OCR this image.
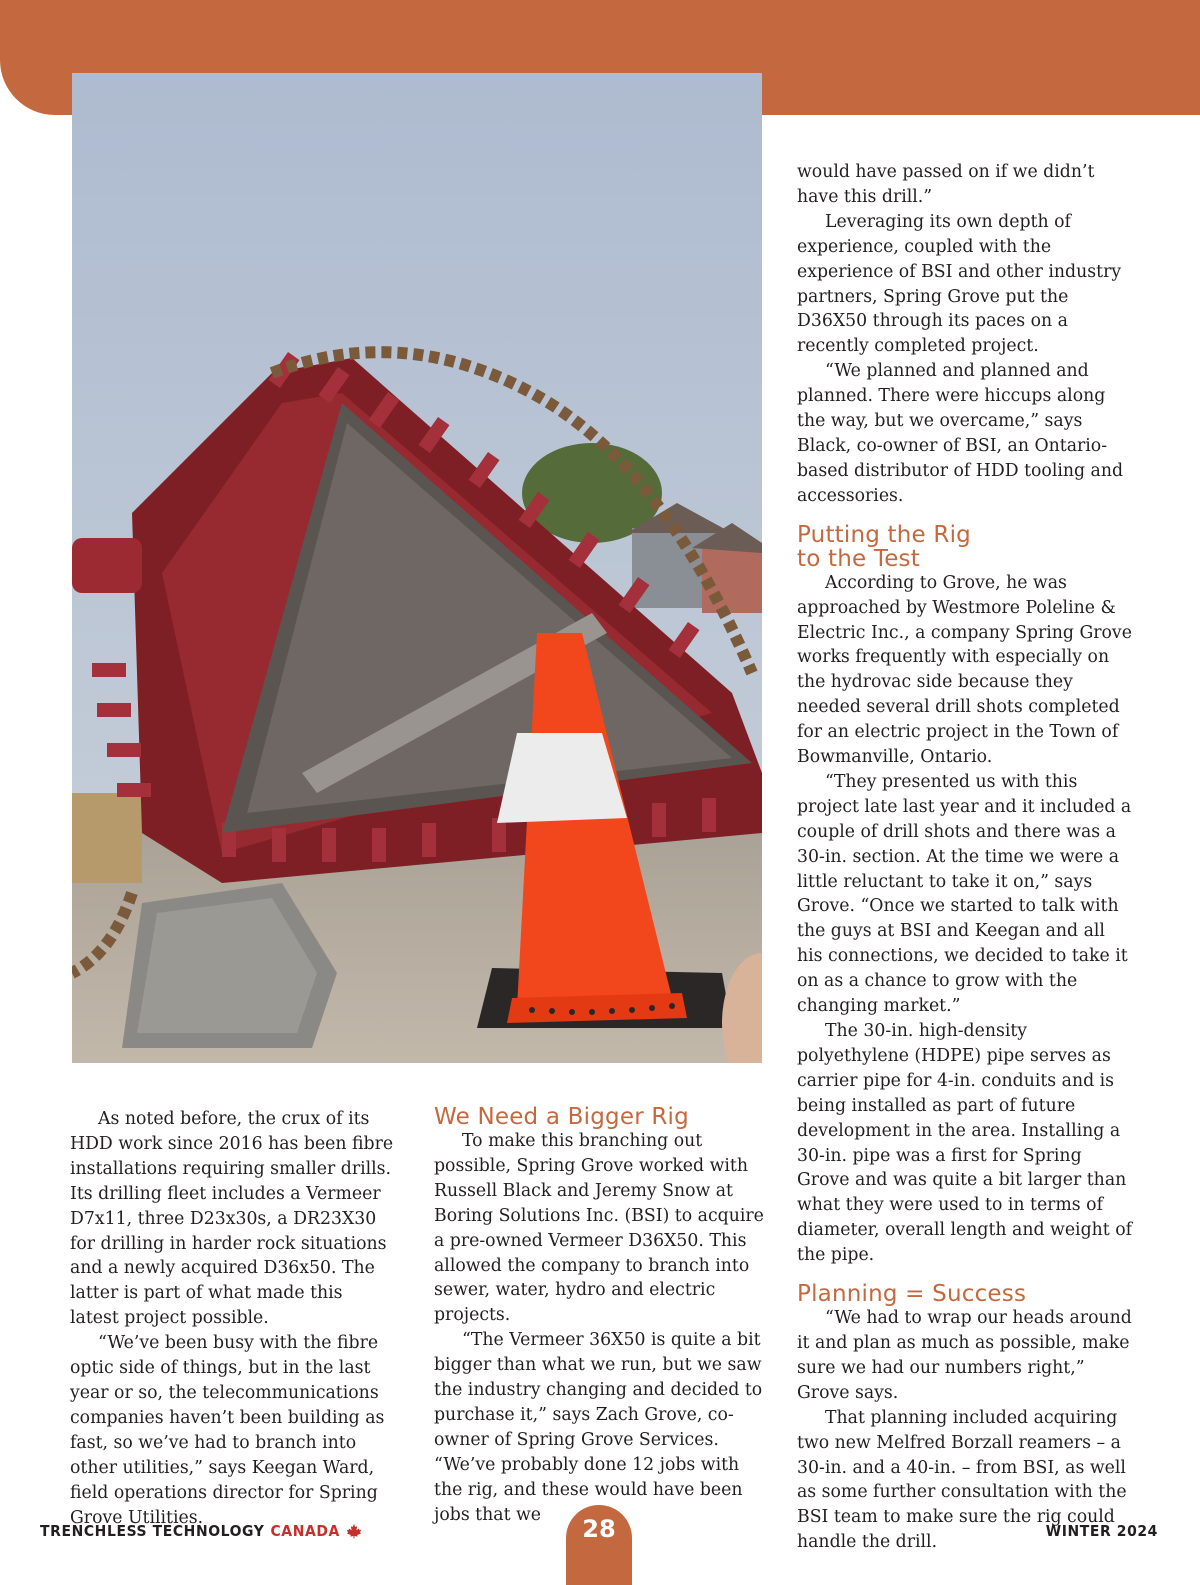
As noted before, the crux of its HDD work since 2016 has been fibre installations requiring smaller drills. Its drilling fleet includes a Vermeer D7x11, three D23x30s, a DR23X30 for drilling in harder rock situations and a newly acquired D36x50. The latter is part of what made this latest project possible.

“We’ve been busy with the fibre optic side of things, but in the last year or so, the telecommunications companies haven’t been building as fast, so we’ve had to branch into other utilities,” says Keegan Ward, field operations director for Spring Grove Utilities.

We Need a Bigger Rig

To make this branching out possible, Spring Grove worked with Russell Black and Jeremy Snow at Boring Solutions Inc. (BSI) to acquire a pre-owned Vermeer D36X50. This allowed the company to branch into sewer, water, hydro and electric projects.

“The Vermeer 36X50 is quite a bit bigger than what we run, but we saw the industry changing and decided to purchase it,” says Zach Grove, co-owner of Spring Grove Services. “We’ve probably done 12 jobs with the rig, and these would have been jobs that we

would have passed on if we didn’t have this drill.”

Leveraging its own depth of experience, coupled with the experience of BSI and other industry partners, Spring Grove put the D36X50 through its paces on a recently completed project.

“We planned and planned and planned. There were hiccups along the way, but we overcame,” says Black, co-owner of BSI, an Ontario-based distributor of HDD tooling and accessories.

Putting the Rig
to the Test

According to Grove, he was approached by Westmore Poleline & Electric Inc., a company Spring Grove works frequently with especially on the hydrovac side because they needed several drill shots completed for an electric project in the Town of Bowmanville, Ontario.

“They presented us with this project late last year and it included a couple of drill shots and there was a 30-in. section. At the time we were a little reluctant to take it on,” says Grove. “Once we started to talk with the guys at BSI and Keegan and all his connections, we decided to take it on as a chance to grow with the changing market.”

The 30-in. high-density polyethylene (HDPE) pipe serves as carrier pipe for 4-in. conduits and is being installed as part of future development in the area. Installing a 30-in. pipe was a first for Spring Grove and was quite a bit larger than what they were used to in terms of diameter, overall length and weight of the pipe.

Planning = Success

“We had to wrap our heads around it and plan as much as possible, make sure we had our numbers right,” Grove says.

That planning included acquiring two new Melfred Borzall reamers – a 30-in. and a 40-in. – from BSI, as well as some further consultation with the BSI team to make sure the rig could handle the drill.

TRENCHLESS TECHNOLOGY CANADA	28	WINTER 2024
